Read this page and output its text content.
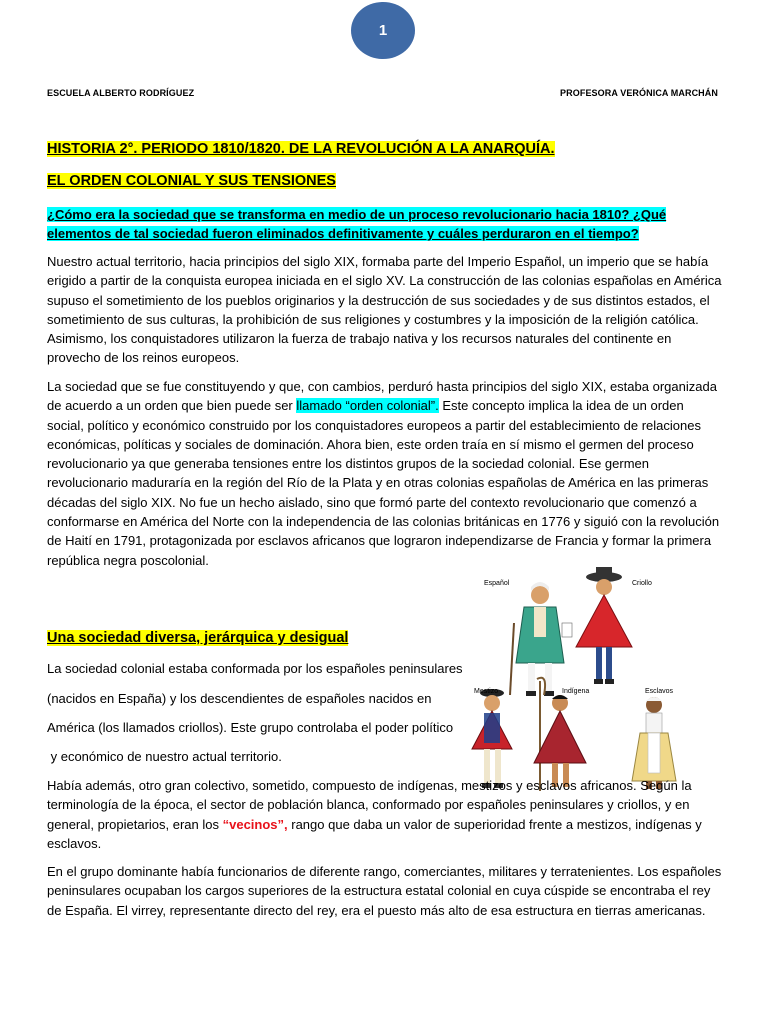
1
ESCUELA ALBERTO RODRÍGUEZ	PROFESORA VERÓNICA MARCHÁN
HISTORIA 2°. PERIODO 1810/1820. DE LA REVOLUCIÓN A LA ANARQUÍA.
EL ORDEN COLONIAL Y SUS TENSIONES
¿Cómo era la sociedad que se transforma en medio de un proceso revolucionario hacia 1810? ¿Qué
elementos de tal sociedad fueron eliminados definitivamente y cuáles perduraron en el tiempo?

Nuestro actual territorio, hacia principios del siglo XIX, formaba parte del Imperio Español, un imperio que se había erigido a partir de la conquista europea iniciada en el siglo XV. La construcción de las colonias españolas en América supuso el sometimiento de los pueblos originarios y la destrucción de sus sociedades y de sus distintos estados, el sometimiento de sus culturas, la prohibición de sus religiones y costumbres y la imposición de la religión católica. Asimismo, los conquistadores utilizaron la fuerza de trabajo nativa y los recursos naturales del continente en provecho de los reinos europeos.

La sociedad que se fue constituyendo y que, con cambios, perduró hasta principios del siglo XIX, estaba organizada de acuerdo a un orden que bien puede ser llamado “orden colonial”. Este concepto implica la idea de un orden social, político y económico construido por los conquistadores europeos a partir del establecimiento de relaciones económicas, políticas y sociales de dominación. Ahora bien, este orden traía en sí mismo el germen del proceso revolucionario ya que generaba tensiones entre los distintos grupos de la sociedad colonial. Ese germen revolucionario maduraría en la región del Río de la Plata y en otras colonias españolas de América en las primeras décadas del siglo XIX. No fue un hecho aislado, sino que formó parte del contexto revolucionario que comenzó a conformarse en América del Norte con la independencia de las colonias británicas en 1776 y siguió con la revolución de Haití en 1791, protagonizada por esclavos africanos que lograron independizarse de Francia y formar la primera república negra poscolonial.

Una sociedad diversa, jerárquica y desigual

La sociedad colonial estaba conformada por los españoles peninsulares

(nacidos en España) y los descendientes de españoles nacidos en

América (los llamados criollos). Este grupo controlaba el poder político

y económico de nuestro actual territorio.

Español	Criollo
Mestizo	Indígena	Esclavos

Había además, otro gran colectivo, sometido, compuesto de indígenas, mestizos y esclavos africanos. Según la terminología de la época, el sector de población blanca, conformado por españoles peninsulares y criollos, y en general, propietarios, eran los “vecinos”, rango que daba un valor de superioridad frente a mestizos, indígenas y esclavos.

En el grupo dominante había funcionarios de diferente rango, comerciantes, militares y terratenientes. Los españoles peninsulares ocupaban los cargos superiores de la estructura estatal colonial en cuya cúspide se encontraba el rey de España. El virrey, representante directo del rey, era el puesto más alto de esa estructura en tierras americanas.
